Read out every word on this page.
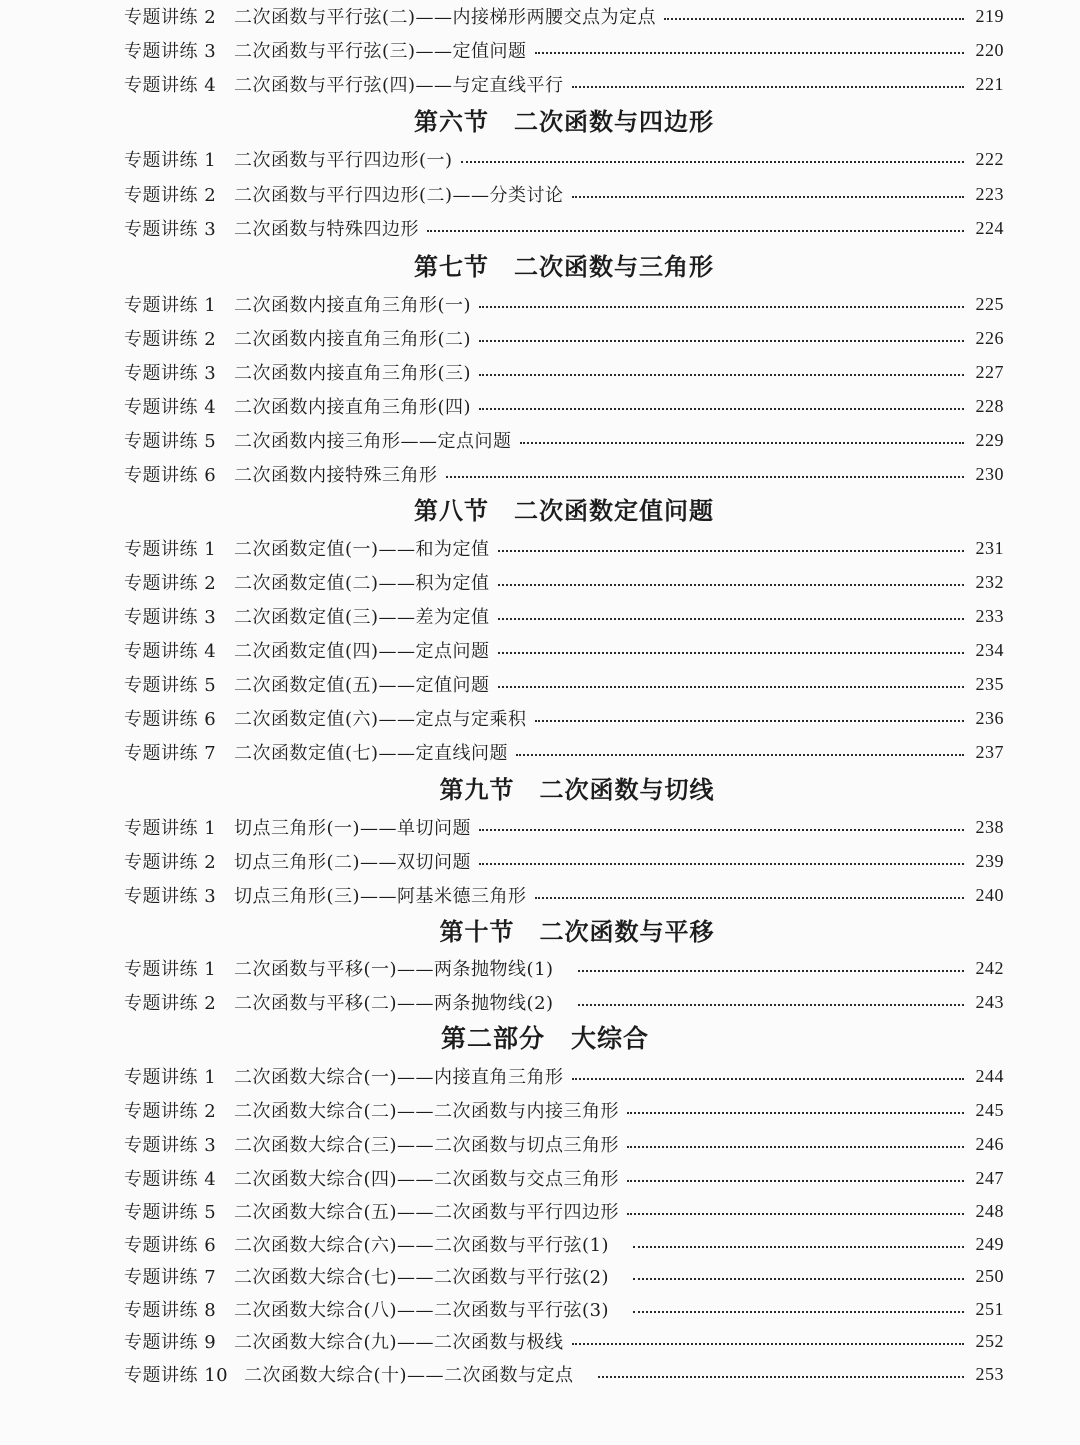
专题讲练 2 二次函数与平行弦(二)——内接梯形两腰交点为定点	219
专题讲练 3 二次函数与平行弦(三)——定值问题	220
专题讲练 4 二次函数与平行弦(四)——与定直线平行	221
第六节　二次函数与四边形
专题讲练 1 二次函数与平行四边形(一)	222
专题讲练 2 二次函数与平行四边形(二)——分类讨论	223
专题讲练 3 二次函数与特殊四边形	224
第七节　二次函数与三角形
专题讲练 1 二次函数内接直角三角形(一)	225
专题讲练 2 二次函数内接直角三角形(二)	226
专题讲练 3 二次函数内接直角三角形(三)	227
专题讲练 4 二次函数内接直角三角形(四)	228
专题讲练 5 二次函数内接三角形——定点问题	229
专题讲练 6 二次函数内接特殊三角形	230
第八节　二次函数定值问题
专题讲练 1 二次函数定值(一)——和为定值	231
专题讲练 2 二次函数定值(二)——积为定值	232
专题讲练 3 二次函数定值(三)——差为定值	233
专题讲练 4 二次函数定值(四)——定点问题	234
专题讲练 5 二次函数定值(五)——定值问题	235
专题讲练 6 二次函数定值(六)——定点与定乘积	236
专题讲练 7 二次函数定值(七)——定直线问题	237
第九节　二次函数与切线
专题讲练 1 切点三角形(一)——单切问题	238
专题讲练 2 切点三角形(二)——双切问题	239
专题讲练 3 切点三角形(三)——阿基米德三角形	240
第十节　二次函数与平移
专题讲练 1 二次函数与平移(一)——两条抛物线(1)	242
专题讲练 2 二次函数与平移(二)——两条抛物线(2)	243
第二部分　大综合
专题讲练 1 二次函数大综合(一)——内接直角三角形	244
专题讲练 2 二次函数大综合(二)——二次函数与内接三角形	245
专题讲练 3 二次函数大综合(三)——二次函数与切点三角形	246
专题讲练 4 二次函数大综合(四)——二次函数与交点三角形	247
专题讲练 5 二次函数大综合(五)——二次函数与平行四边形	248
专题讲练 6 二次函数大综合(六)——二次函数与平行弦(1)	249
专题讲练 7 二次函数大综合(七)——二次函数与平行弦(2)	250
专题讲练 8 二次函数大综合(八)——二次函数与平行弦(3)	251
专题讲练 9 二次函数大综合(九)——二次函数与极线	252
专题讲练 10 二次函数大综合(十)——二次函数与定点	253
